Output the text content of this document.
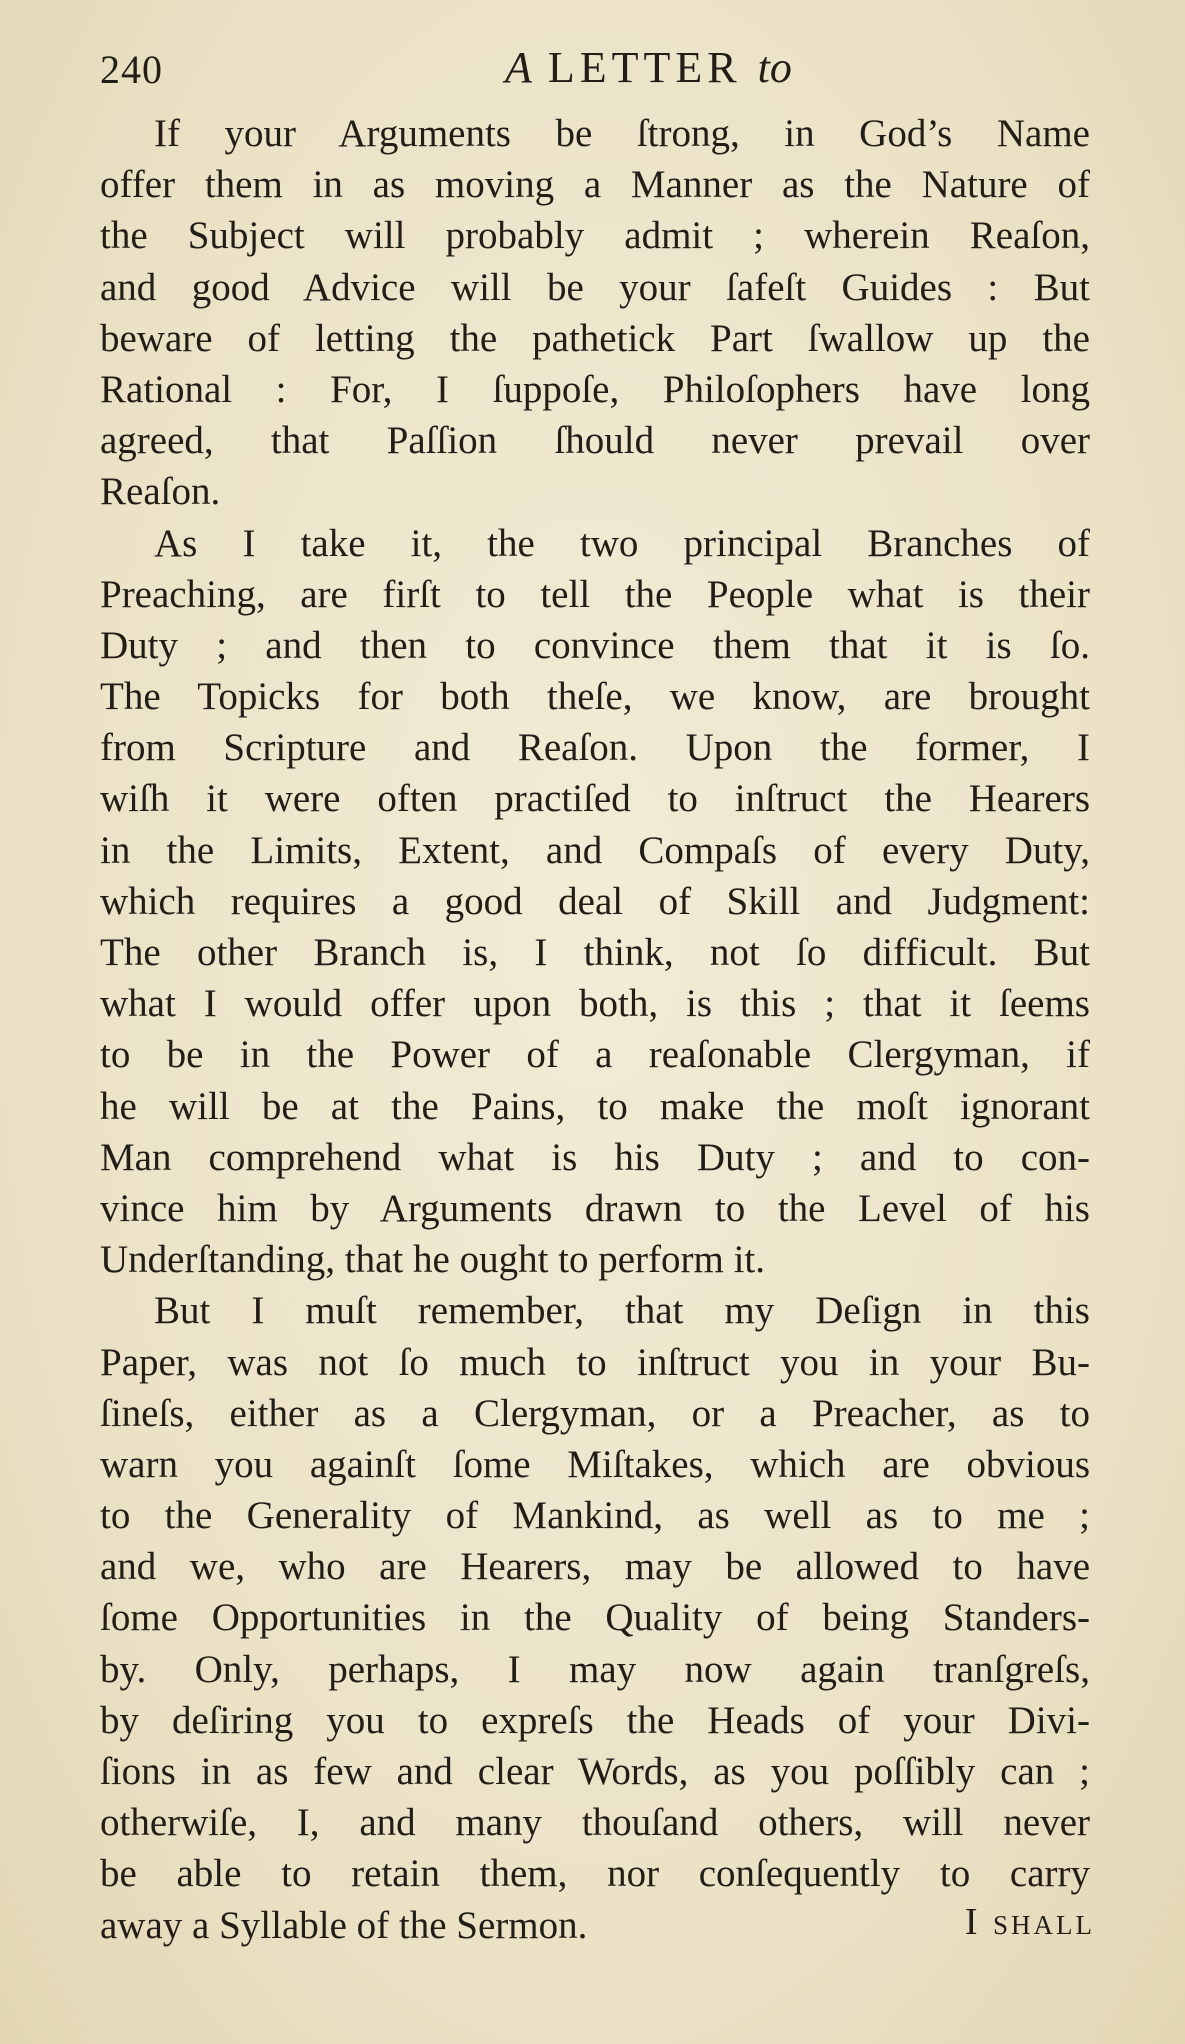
240	A LETTER to
If your Arguments be ſtrong, in God’s Name
offer them in as moving a Manner as the Nature of
the Subject will probably admit ; wherein Reaſon,
and good Advice will be your ſafeſt Guides : But
beware of letting the pathetick Part ſwallow up the
Rational : For, I ſuppoſe, Philoſophers have long
agreed, that Paſſion ſhould never prevail over
Reaſon.
As I take it, the two principal Branches of
Preaching, are firſt to tell the People what is their
Duty ; and then to convince them that it is ſo.
The Topicks for both theſe, we know, are brought
from Scripture and Reaſon. Upon the former, I
wiſh it were often practiſed to inſtruct the Hearers
in the Limits, Extent, and Compaſs of every Duty,
which requires a good deal of Skill and Judgment:
The other Branch is, I think, not ſo difficult. But
what I would offer upon both, is this ; that it ſeems
to be in the Power of a reaſonable Clergyman, if
he will be at the Pains, to make the moſt ignorant
Man comprehend what is his Duty ; and to con-
vince him by Arguments drawn to the Level of his
Underſtanding, that he ought to perform it.
But I muſt remember, that my Deſign in this
Paper, was not ſo much to inſtruct you in your Bu-
ſineſs, either as a Clergyman, or a Preacher, as to
warn you againſt ſome Miſtakes, which are obvious
to the Generality of Mankind, as well as to me ;
and we, who are Hearers, may be allowed to have
ſome Opportunities in the Quality of being Standers-
by. Only, perhaps, I may now again tranſgreſs,
by deſiring you to expreſs the Heads of your Divi-
ſions in as few and clear Words, as you poſſibly can ;
otherwiſe, I, and many thouſand others, will never
be able to retain them, nor conſequently to carry
away a Syllable of the Sermon.	I shall
